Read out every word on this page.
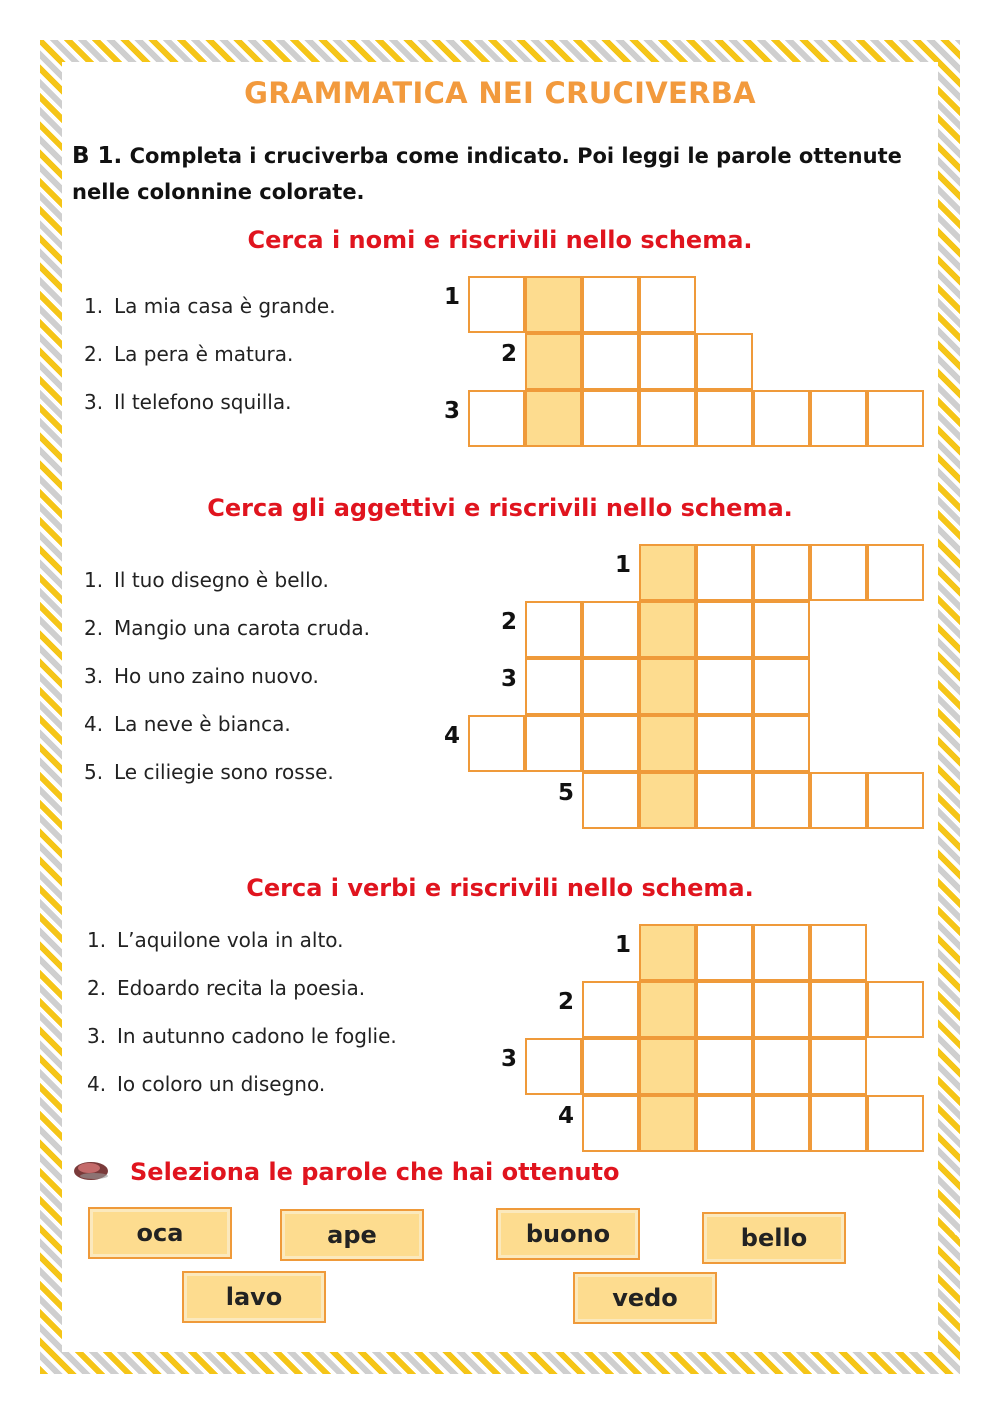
GRAMMATICA NEI CRUCIVERBA
B 1. Completa i cruciverba come indicato. Poi leggi le parole ottenute nelle colonnine colorate.
Cerca i nomi e riscrivili nello schema.
1. La mia casa è grande.
2. La pera è matura.
3. Il telefono squilla.
1
2
3
Cerca gli aggettivi e riscrivili nello schema.
1. Il tuo disegno è bello.
2. Mangio una carota cruda.
3. Ho uno zaino nuovo.
4. La neve è bianca.
5. Le ciliegie sono rosse.
1
2
3
4
5
Cerca i verbi e riscrivili nello schema.
1. L’aquilone vola in alto.
2. Edoardo recita la poesia.
3. In autunno cadono le foglie.
4. Io coloro un disegno.
1
2
3
4
Seleziona le parole che hai ottenuto
oca	ape	buono	bello
lavo	vedo
